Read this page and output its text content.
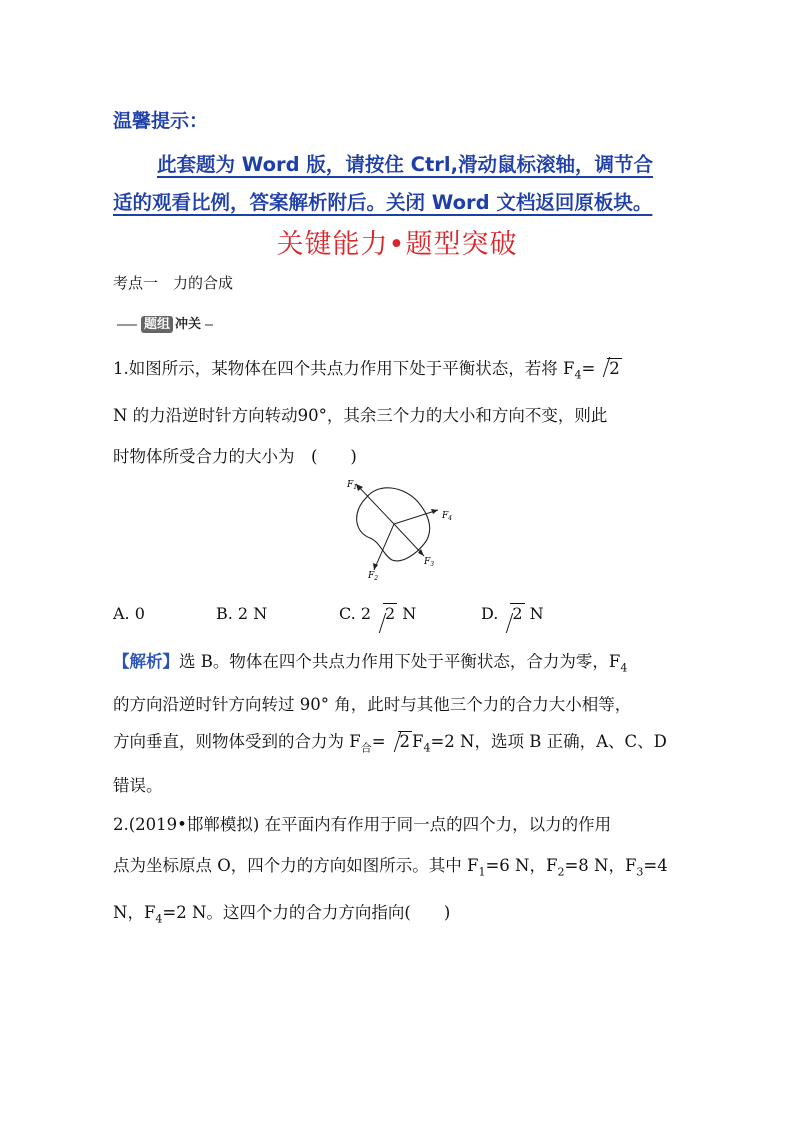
温馨提示：
此套题为 Word 版，请按住 Ctrl,滑动鼠标滚轴，调节合
适的观看比例，答案解析附后。关闭 Word 文档返回原板块。
关键能力•题型突破
考点一　力的合成
题组 冲关
1.如图所示，某物体在四个共点力作用下处于平衡状态，若将 $F_4= 2$
N 的力沿逆时针方向转动90°，其余三个力的大小和方向不变，则此
时物体所受合力的大小为　(　　)
$F_1$
$F_4$
$F_3$
$F_2$
A. 0	B. 2 N	C. 2 2 N	D. 2 N
【解析】选 B。物体在四个共点力作用下处于平衡状态，合力为零，$F_4$
的方向沿逆时针方向转过 90° 角，此时与其他三个力的合力大小相等，
方向垂直，则物体受到的合力为 $F_合= 2$ $F_4=2$ N，选项 B 正确，A、C、D
错误。
2.(2019•邯郸模拟) 在平面内有作用于同一点的四个力，以力的作用
点为坐标原点 O，四个力的方向如图所示。其中 $F_1=6$ N，$F_2=8$ N，$F_3=4$
N，$F_4=2$ N。这四个力的合力方向指向(　　)
